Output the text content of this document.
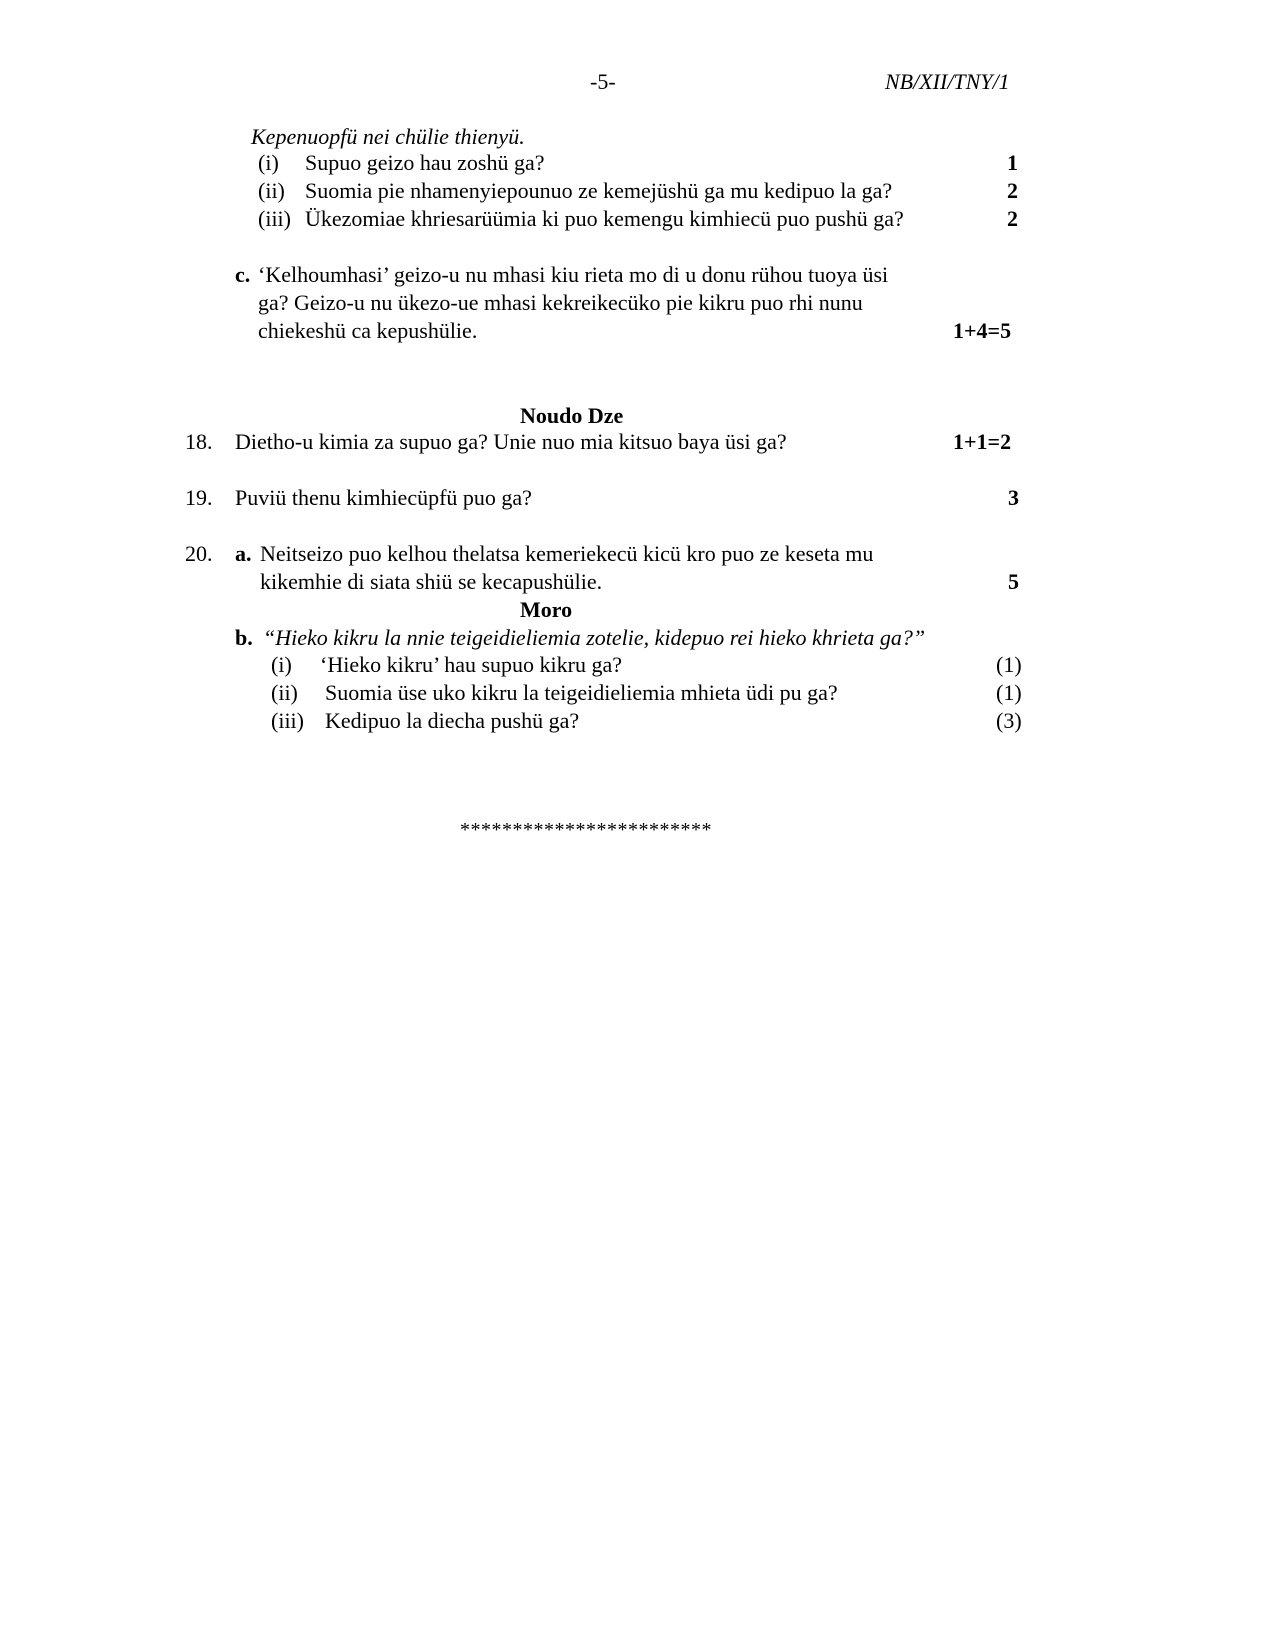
-5-	NB/XII/TNY/1
Kepenuopfü nei chülie thienyü.
(i) Supuo geizo hau zoshü ga?	1
(ii) Suomia pie nhamenyiepounuo ze kemejüshü ga mu kedipuo la ga?	2
(iii) Ükezomiae khriesarüümia ki puo kemengu kimhiecü puo pushü ga?	2
c. ‘Kelhoumhasi’ geizo-u nu mhasi kiu rieta mo di u donu rühou tuoya üsi
ga? Geizo-u nu ükezo-ue mhasi kekreikecüko pie kikru puo rhi nunu
chiekeshü ca kepushülie.	1+4=5
Noudo Dze
18. Dietho-u kimia za supuo ga? Unie nuo mia kitsuo baya üsi ga?	1+1=2
19. Puviü thenu kimhiecüpfü puo ga?	3
20. a. Neitseizo puo kelhou thelatsa kemeriekecü kicü kro puo ze keseta mu
kikemhie di siata shiü se kecapushülie.	5
Moro
b. “Hieko kikru la nnie teigeidieliemia zotelie, kidepuo rei hieko khrieta ga?”
(i) ‘Hieko kikru’ hau supuo kikru ga?	(1)
(ii) Suomia üse uko kikru la teigeidieliemia mhieta üdi pu ga?	(1)
(iii) Kedipuo la diecha pushü ga?	(3)
************************
